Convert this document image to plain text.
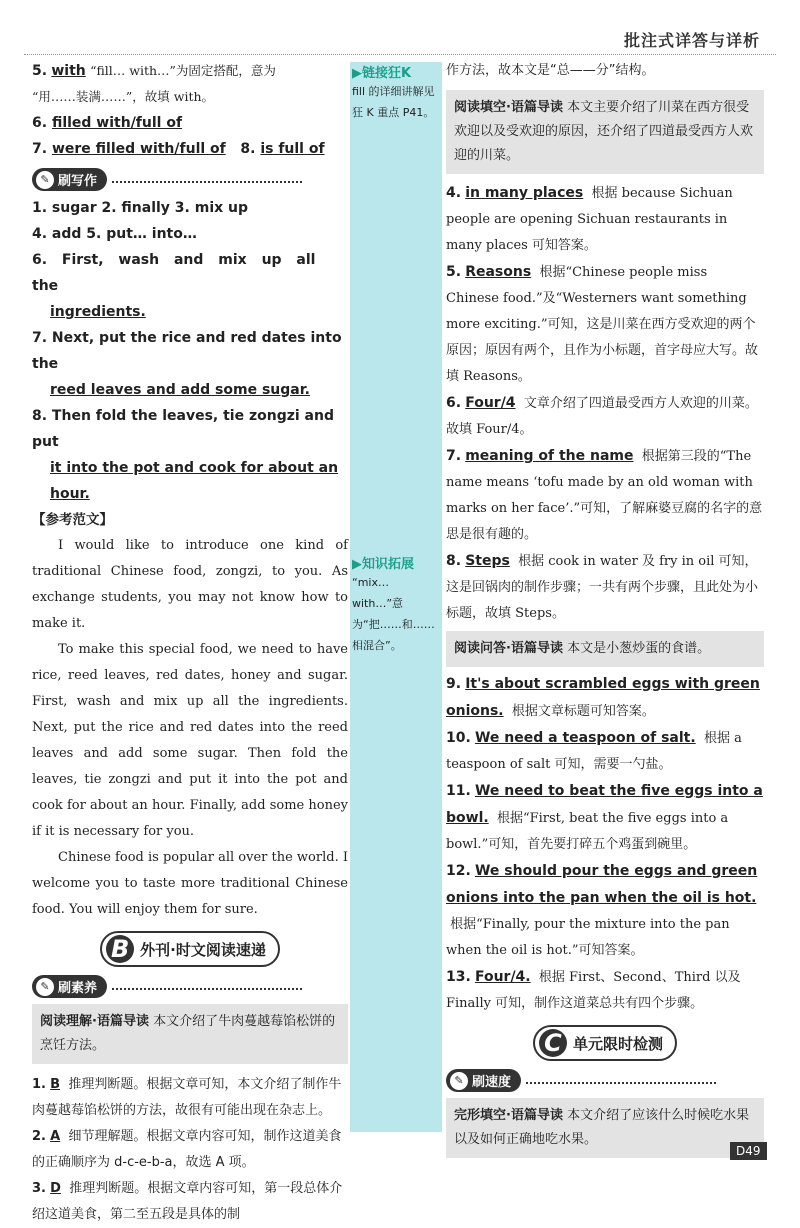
批注式详答与详析
5. with “fill… with…”为固定搭配，意为
“用……装满……”，故填 with。
6. filled with/full of
7. were filled with/full of 8. is full of
✎ 刷写作

1. sugar 2. finally 3. mix up
4. add 5. put… into…
6. First, wash and mix up all the
ingredients.
7. Next, put the rice and red dates into the
reed leaves and add some sugar.
8. Then fold the leaves, tie zongzi and put
it into the pot and cook for about an
hour.
【参考范文】
I would like to introduce one kind of traditional Chinese food, zongzi, to you. As exchange students, you may not know how to make it.
To make this special food, we need to have rice, reed leaves, red dates, honey and sugar. First, wash and mix up all the ingredients. Next, put the rice and red dates into the reed leaves and add some sugar. Then fold the leaves, tie zongzi and put it into the pot and cook for about an hour. Finally, add some honey if it is necessary for you.
Chinese food is popular all over the world. I welcome you to taste more traditional Chinese food. You will enjoy them for sure.
B 外刊·时文阅读速递
✎ 刷素养

阅读理解·语篇导读 本文介绍了牛肉蔓越莓馅松饼的烹饪方法。
1. B 推理判断题。根据文章可知，本文介绍了制作牛肉蔓越莓馅松饼的方法，故很有可能出现在杂志上。
2. A 细节理解题。根据文章内容可知，制作这道美食的正确顺序为 d-c-e-b-a，故选 A 项。
3. D 推理判断题。根据文章内容可知，第一段总体介绍这道美食，第二至五段是具体的制
▶链接狂K
fill 的详细讲解见狂 K 重点 P41。
▶知识拓展
“mix… with…”意为“把……和……相混合”。
作方法，故本文是“总——分”结构。
阅读填空·语篇导读 本文主要介绍了川菜在西方很受欢迎以及受欢迎的原因，还介绍了四道最受西方人欢迎的川菜。
4. in many places 根据 because Sichuan people are opening Sichuan restaurants in many places 可知答案。
5. Reasons 根据“Chinese people miss Chinese food.”及“Westerners want something more exciting.”可知，这是川菜在西方受欢迎的两个原因；原因有两个，且作为小标题，首字母应大写。故填 Reasons。
6. Four/4 文章介绍了四道最受西方人欢迎的川菜。故填 Four/4。
7. meaning of the name 根据第三段的“The name means ‘tofu made by an old woman with marks on her face’.”可知，了解麻婆豆腐的名字的意思是很有趣的。
8. Steps 根据 cook in water 及 fry in oil 可知，这是回锅肉的制作步骤；一共有两个步骤，且此处为小标题，故填 Steps。
阅读问答·语篇导读 本文是小葱炒蛋的食谱。
9. It's about scrambled eggs with green onions. 根据文章标题可知答案。
10. We need a teaspoon of salt. 根据 a teaspoon of salt 可知，需要一勺盐。
11. We need to beat the five eggs into a bowl. 根据“First, beat the five eggs into a bowl.”可知，首先要打碎五个鸡蛋到碗里。
12. We should pour the eggs and green onions into the pan when the oil is hot.  根据“Finally, pour the mixture into the pan when the oil is hot.”可知答案。
13. Four/4. 根据 First、Second、Third 以及 Finally 可知，制作这道菜总共有四个步骤。
C 单元限时检测
✎ 刷速度

完形填空·语篇导读 本文介绍了应该什么时候吃水果以及如何正确地吃水果。
D49
